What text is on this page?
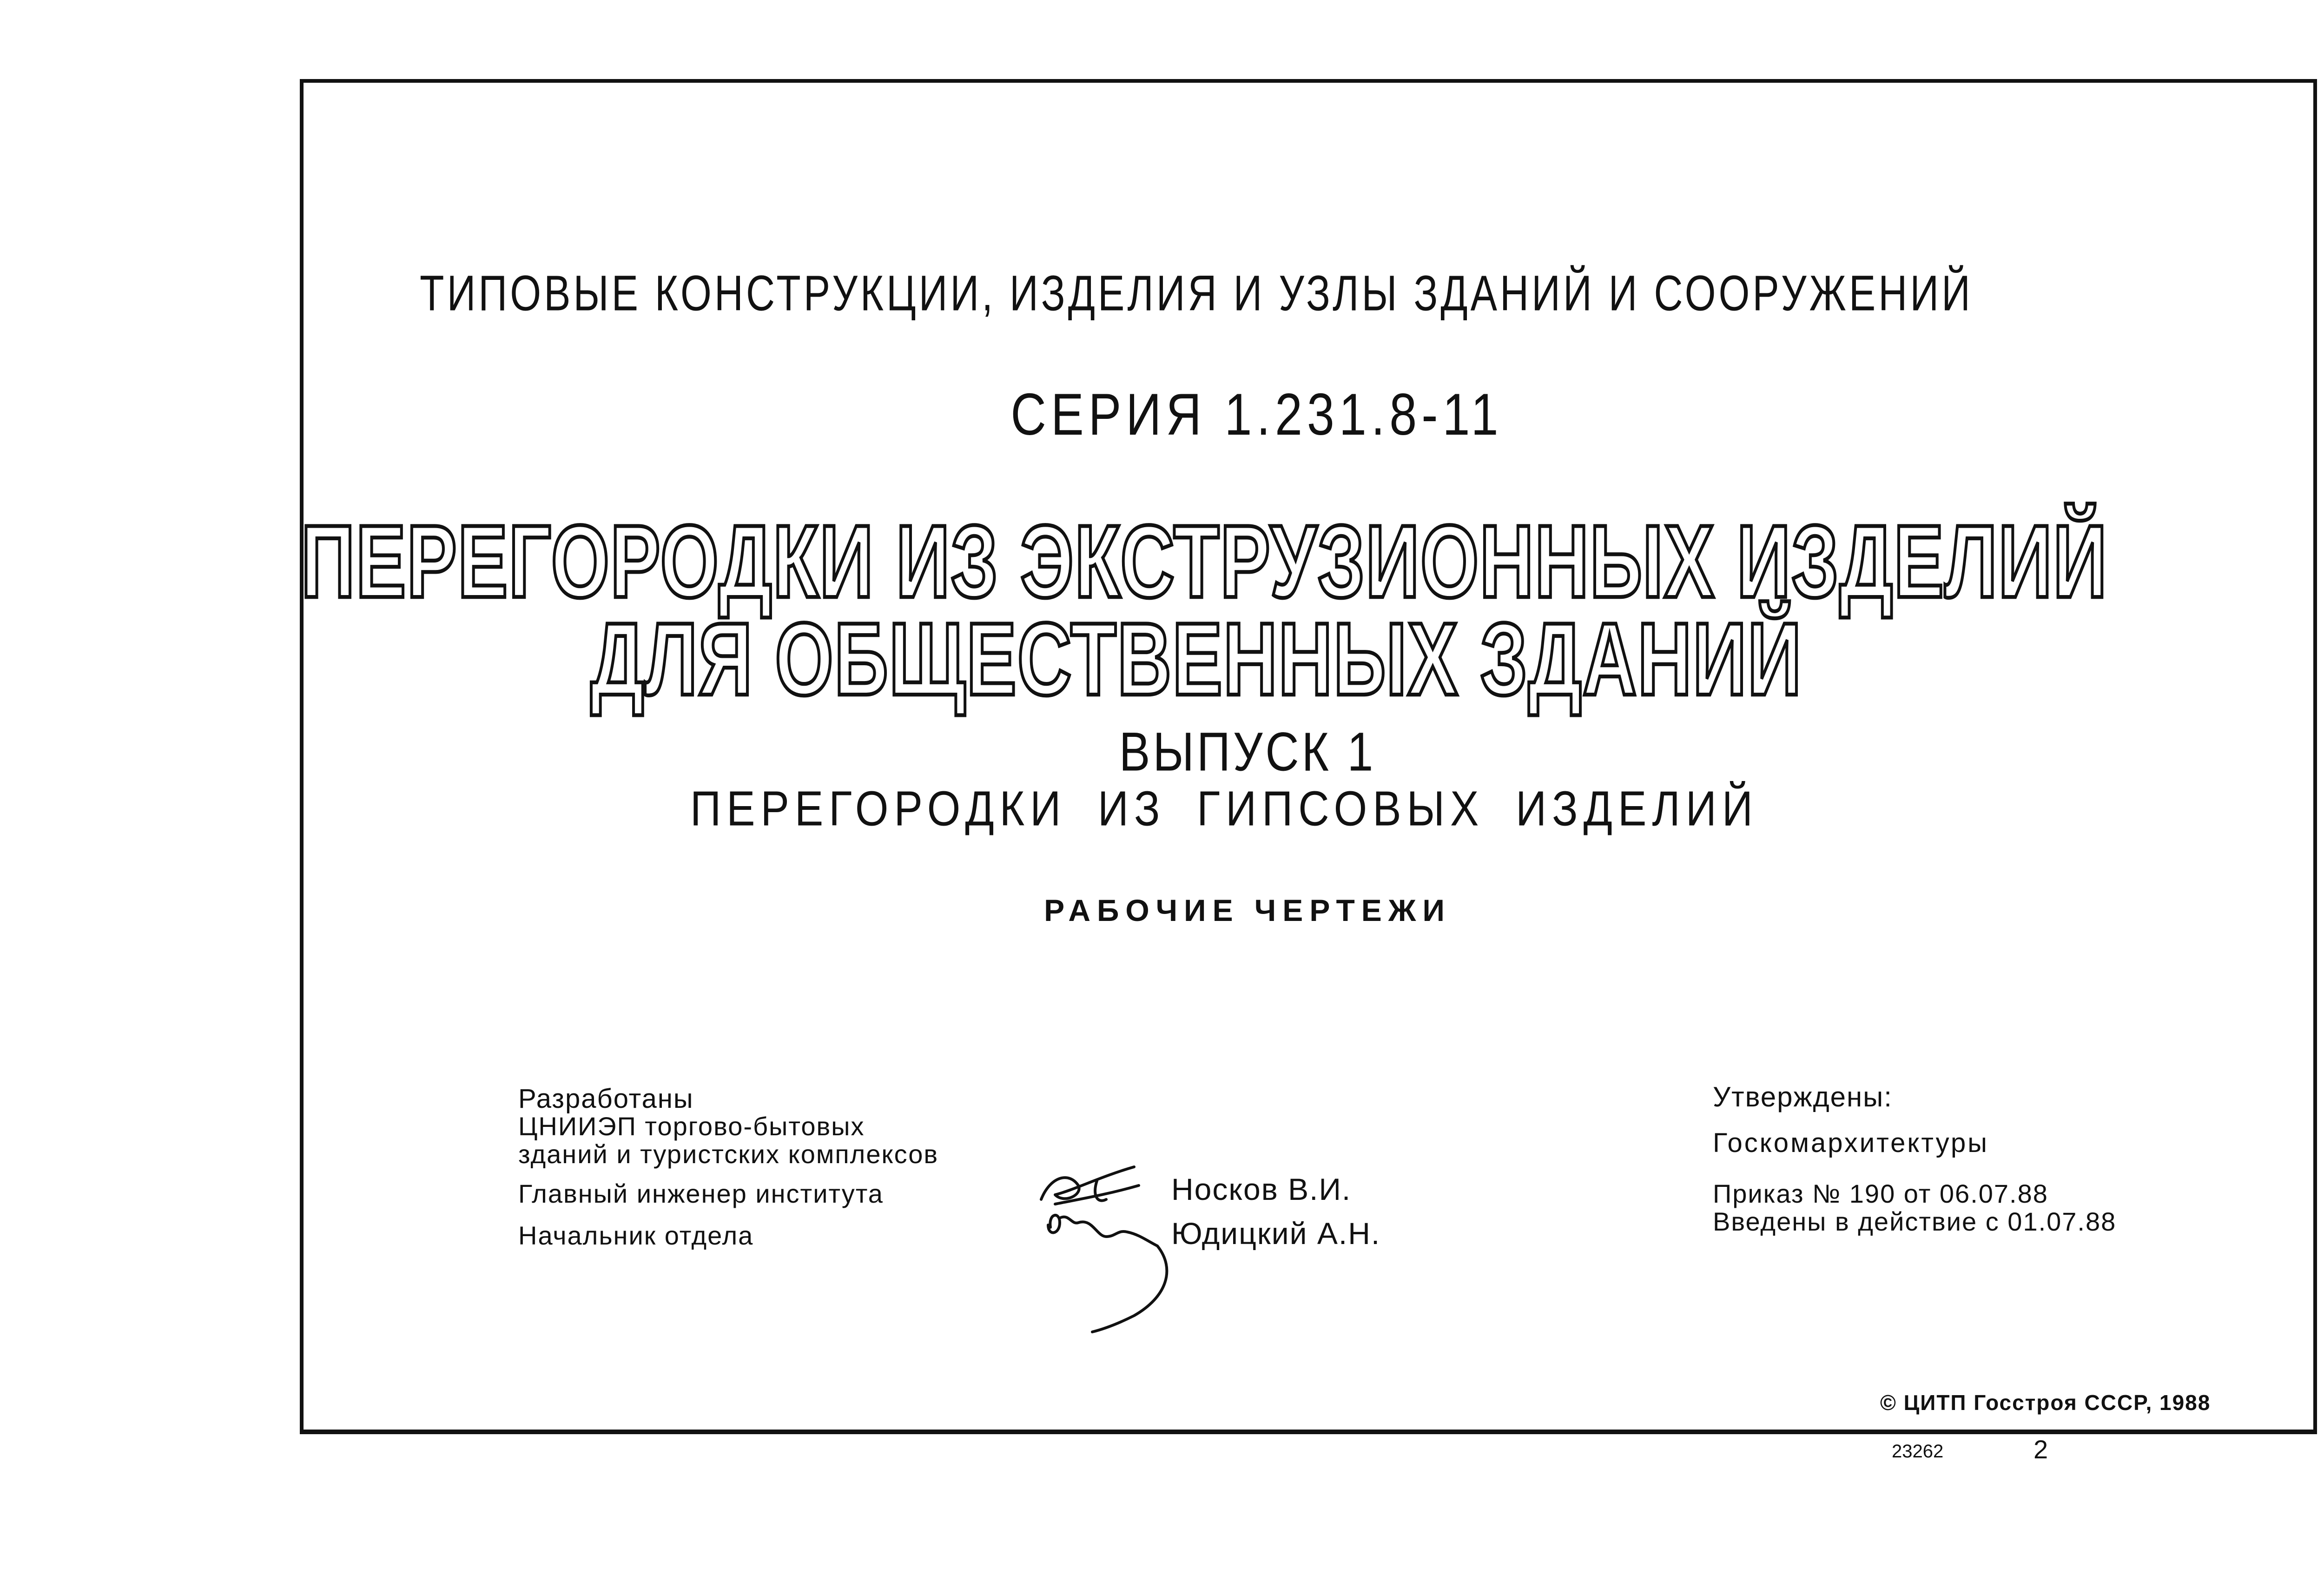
ТИПОВЫЕ КОНСТРУКЦИИ, ИЗДЕЛИЯ И УЗЛЫ ЗДАНИЙ И СООРУЖЕНИЙ
СЕРИЯ 1.231.8-11
ПЕРЕГОРОДКИ ИЗ ЭКСТРУЗИОННЫХ ИЗДЕЛИЙ
ДЛЯ ОБЩЕСТВЕННЫХ ЗДАНИЙ
ВЫПУСК 1
ПЕРЕГОРОДКИ ИЗ ГИПСОВЫХ ИЗДЕЛИЙ
РАБОЧИЕ ЧЕРТЕЖИ
Разработаны
ЦНИИЭП торгово-бытовых
зданий и туристских комплексов
Главный инженер института
Начальник отдела
Носков В.И.
Юдицкий А.Н.
Утверждены:
Госкомархитектуры
Приказ № 190 от 06.07.88
Введены в действие с 01.07.88
© ЦИТП Госстроя СССР, 1988
23262	2
